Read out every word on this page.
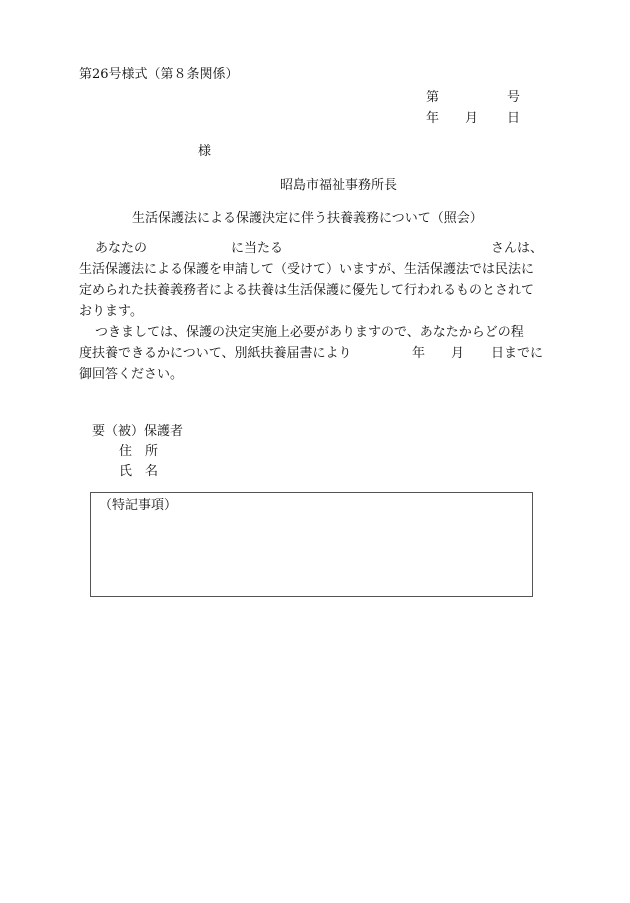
第26号様式（第８条関係）
第	号
年 月 日
様
昭島市福祉事務所長
生活保護法による保護決定に伴う扶養義務について（照会）
あなたの	に当たる	さんは、
生活保護法による保護を申請して（受けて）いますが、生活保護法では民法に
定められた扶養義務者による扶養は生活保護に優先して行われるものとされて
おります。
つきましては、保護の決定実施上必要がありますので、あなたからどの程
度扶養できるかについて、別紙扶養届書により	年 月 日までに
御回答ください。
要（被）保護者
住　所
氏　名
（特記事項）
